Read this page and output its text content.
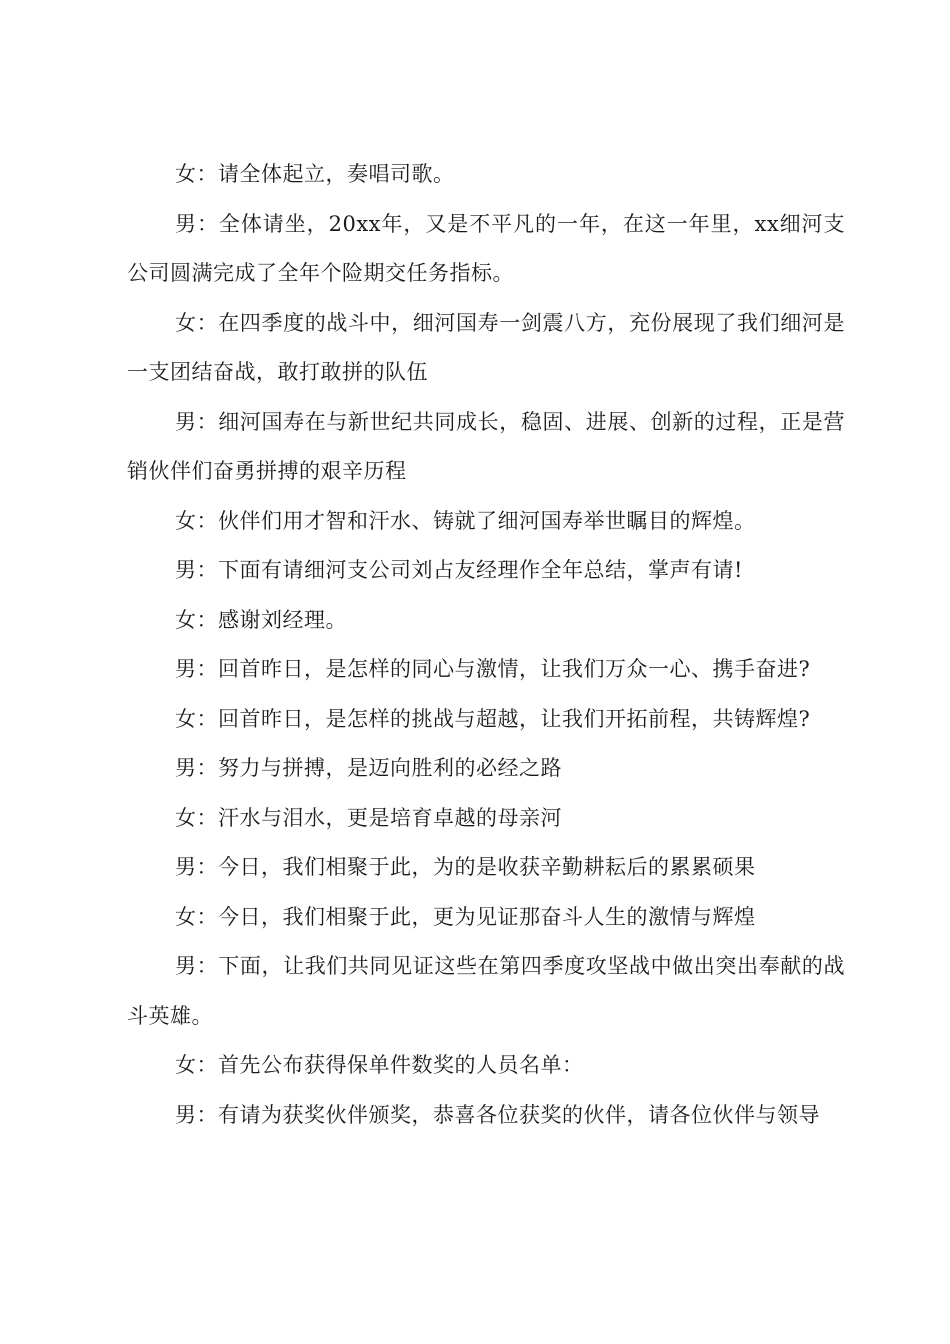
女：请全体起立，奏唱司歌。

男：全体请坐，20xx年，又是不平凡的一年，在这一年里，xx细河支公司圆满完成了全年个险期交任务指标。

女：在四季度的战斗中，细河国寿一剑震八方，充份展现了我们细河是一支团结奋战，敢打敢拼的队伍

男：细河国寿在与新世纪共同成长，稳固、进展、创新的过程，正是营销伙伴们奋勇拼搏的艰辛历程

女：伙伴们用才智和汗水、铸就了细河国寿举世瞩目的辉煌。

男：下面有请细河支公司刘占友经理作全年总结，掌声有请!

女：感谢刘经理。

男：回首昨日，是怎样的同心与激情，让我们万众一心、携手奋进?

女：回首昨日，是怎样的挑战与超越，让我们开拓前程，共铸辉煌?

男：努力与拼搏，是迈向胜利的必经之路

女：汗水与泪水，更是培育卓越的母亲河

男：今日，我们相聚于此，为的是收获辛勤耕耘后的累累硕果

女：今日，我们相聚于此，更为见证那奋斗人生的激情与辉煌

男：下面，让我们共同见证这些在第四季度攻坚战中做出突出奉献的战斗英雄。

女：首先公布获得保单件数奖的人员名单：

男：有请为获奖伙伴颁奖，恭喜各位获奖的伙伴，请各位伙伴与领导
